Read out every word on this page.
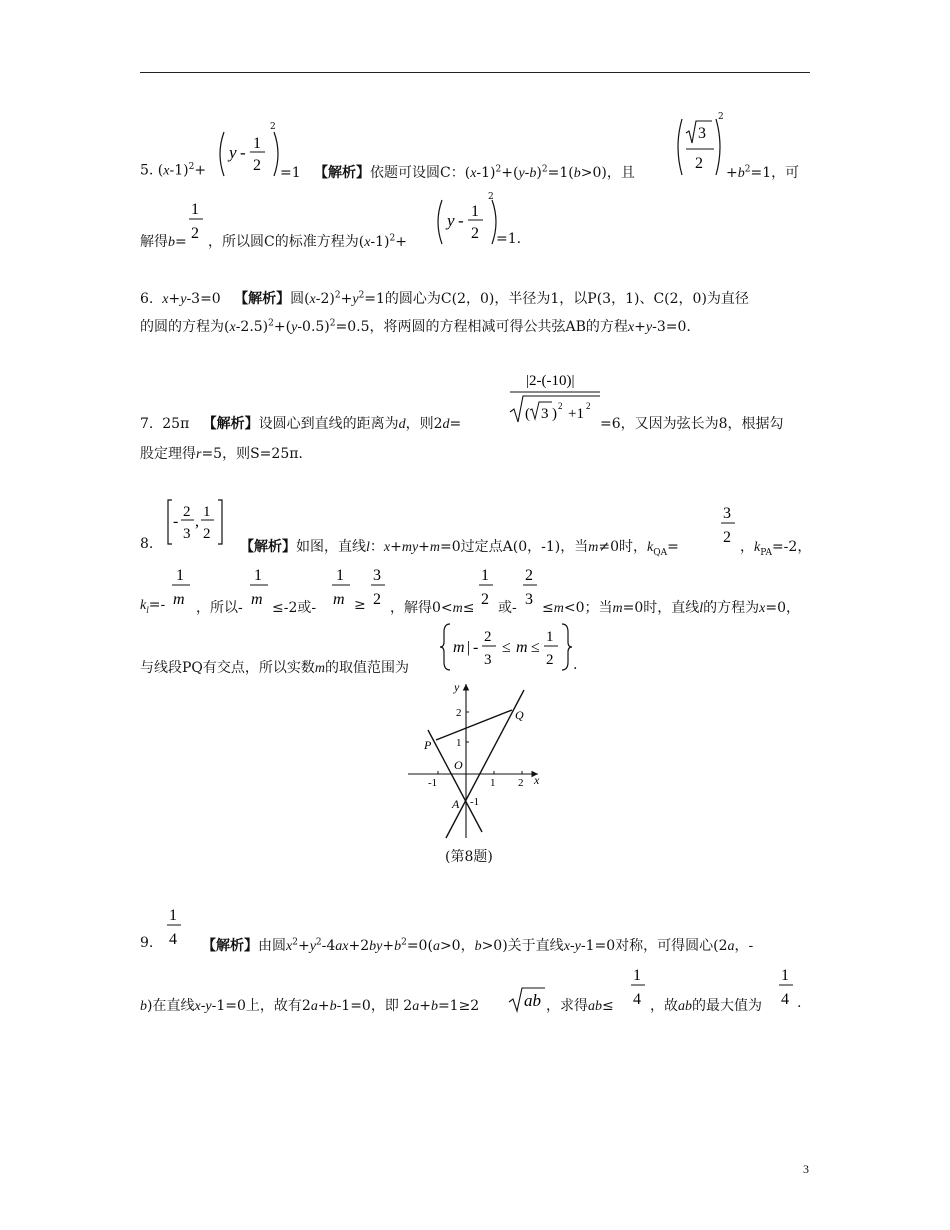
5. $(x-1)^2+$
y - 1
2
2
=1   【解析】依题可设圆C：$(x-1)^2+(y-b)^2=1(b>0)$，且
3
2
2
$+b^2=1$，可
1
2
解得b= ，所以圆C的标准方程为$(x-1)^2+$
y - 1
2
2
=1.
6.  x+y-3=0   【解析】圆$(x-2)^2+y^2=1$的圆心为C(2，0)，半径为1，以P(3，1)、C(2，0)为直径
的圆的方程为$(x-2.5)^2+(y-0.5)^2=0.5$，将两圆的方程相减可得公共弦AB的方程x+y-3=0.
7.  25π   【解析】设圆心到直线的距离为d，则2d=
|2-(-10)|
( 3 ) 2 +1 2
=6，又因为弦长为8，根据勾
股定理得r=5，则S=25π.
8.
-
2
3
,
1
2
【解析】如图，直线l：x+my+m=0过定点A(0，-1)，当m≠0时，$k_{QA}=$
3
2
，$k_{PA}=-2$，
$k_l=-$
1
m ，所以-
1
m ≤-2或-
1
m ≥
3
2 ，解得0<m≤
1
2 或-
2
3 ≤m<0；当m=0时，直线l的方程为x=0，
与线段PQ有交点，所以实数m的取值范围为
m | -
2
3
≤ m ≤
1
2 .
y
x
O
P
Q
A
1 2
-1
1
2
-1
(第8题)
1
4
9.	【解析】由圆$x^2+y^2-4ax+2by+b^2=0(a>0$，b>0)关于直线x-y-1=0对称，可得圆心(2a，-
b)在直线x-y-1=0上，故有2a+b-1=0，即 2a+b=1≥2	ab ，求得ab≤
1
4 ，故ab的最大值为
1
4 .
3
